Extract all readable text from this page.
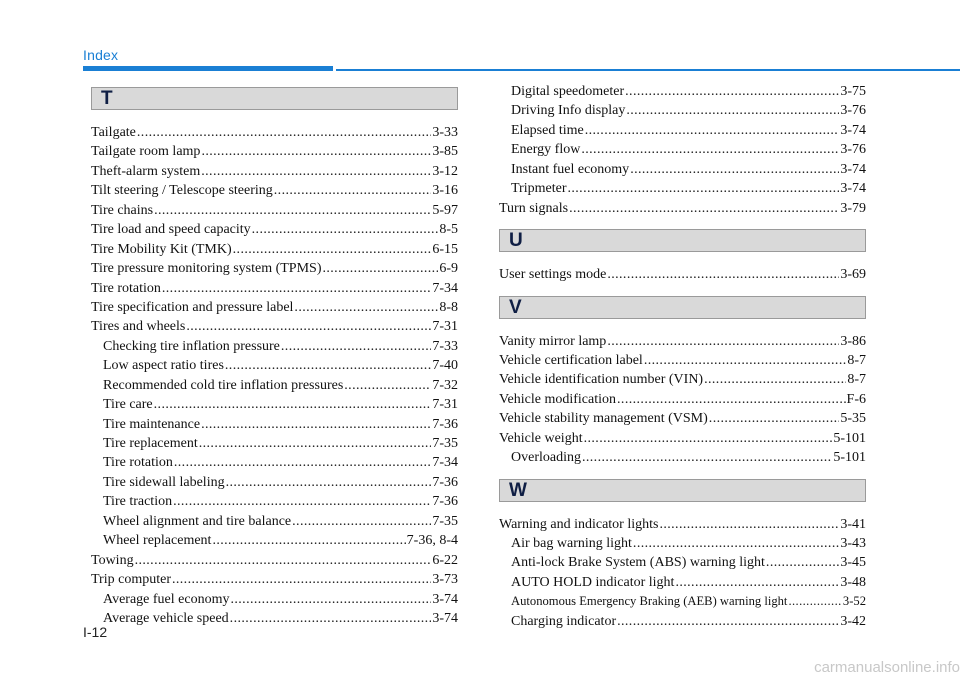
Index
T
Tailgate .....	3-33
Tailgate room lamp .....	3-85
Theft-alarm system .....	3-12
Tilt steering / Telescope steering .....	3-16
Tire chains .....	5-97
Tire load and speed capacity .....	8-5
Tire Mobility Kit (TMK) .....	6-15
Tire pressure monitoring system (TPMS) .....	6-9
Tire rotation .....	7-34
Tire specification and pressure label .....	8-8
Tires and wheels .....	7-31
Checking tire inflation pressure .....	7-33
Low aspect ratio tires .....	7-40
Recommended cold tire inflation pressures .....	7-32
Tire care .....	7-31
Tire maintenance .....	7-36
Tire replacement .....	7-35
Tire rotation .....	7-34
Tire sidewall labeling .....	7-36
Tire traction .....	7-36
Wheel alignment and tire balance .....	7-35
Wheel replacement .....	7-36, 8-4
Towing .....	6-22
Trip computer .....	3-73
Average fuel economy .....	3-74
Average vehicle speed .....	3-74
Digital speedometer .....	3-75
Driving Info display .....	3-76
Elapsed time .....	3-74
Energy flow .....	3-76
Instant fuel economy .....	3-74
Tripmeter .....	3-74
Turn signals .....	3-79
U
User settings mode .....	3-69
V
Vanity mirror lamp .....	3-86
Vehicle certification label .....	8-7
Vehicle identification number (VIN) .....	8-7
Vehicle modification .....	F-6
Vehicle stability management (VSM) .....	5-35
Vehicle weight .....	5-101
Overloading .....	5-101
W
Warning and indicator lights .....	3-41
Air bag warning light .....	3-43
Anti-lock Brake System (ABS) warning light .....	3-45
AUTO HOLD indicator light .....	3-48
Autonomous Emergency Braking (AEB) warning light .....	3-52
Charging indicator .....	3-42
I-12
carmanualsonline.info
